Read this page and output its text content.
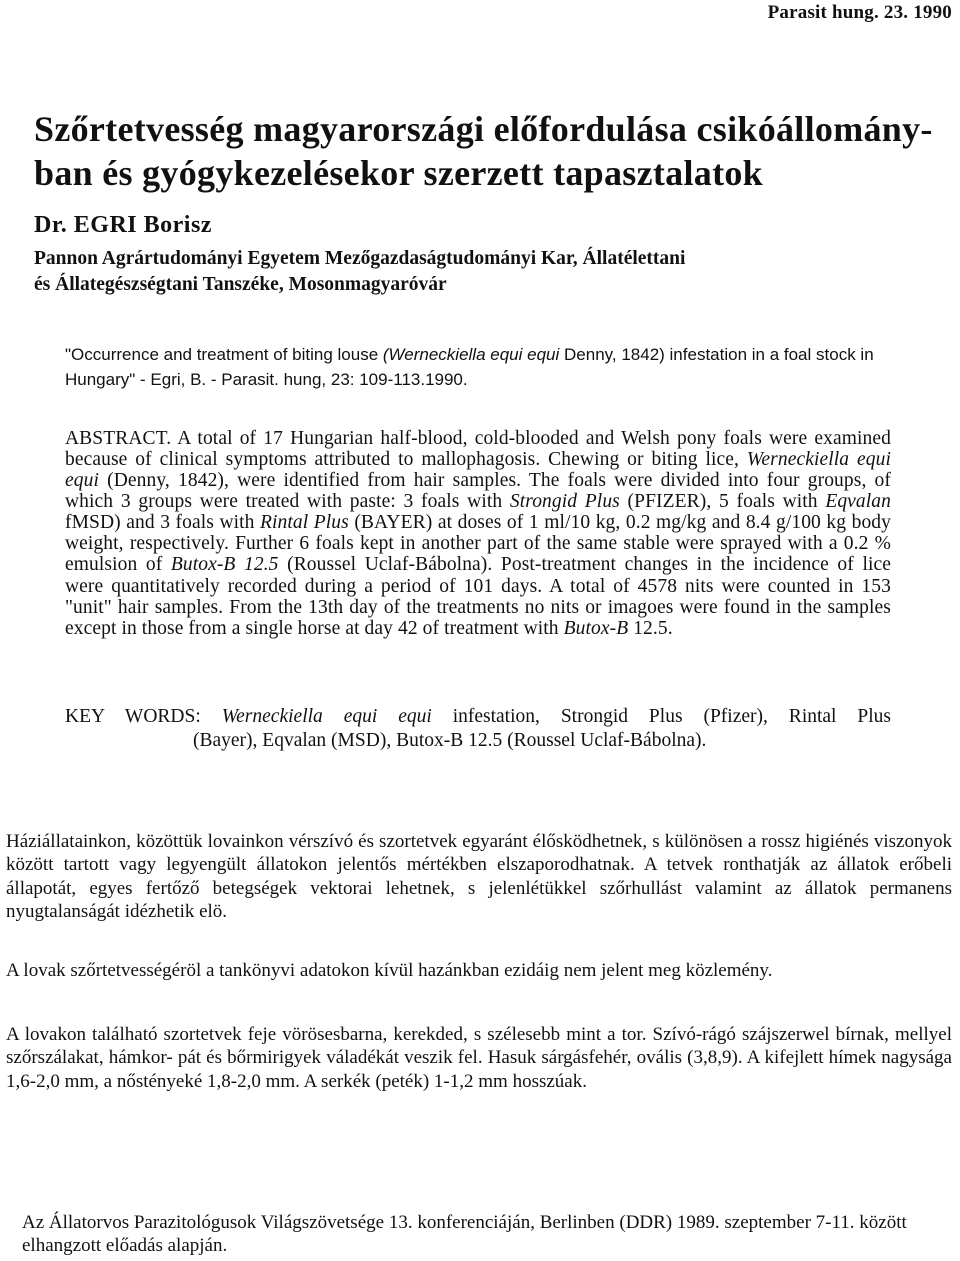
Parasit hung. 23. 1990
Szőrtetvesség magyarországi előfordulása csikóállomány-
ban és gyógykezelésekor szerzett tapasztalatok
Dr. EGRI Borisz
Pannon Agrártudományi Egyetem Mezőgazdaságtudományi Kar, Állatélettani
és Állategészségtani Tanszéke, Mosonmagyaróvár
"Occurrence and treatment of biting louse (Werneckiella equi equi Denny, 1842) infestation in a foal stock in Hungary" - Egri, B. - Parasit. hung, 23: 109-113.1990.
ABSTRACT. A total of 17 Hungarian half-blood, cold-blooded and Welsh pony foals were examined because of clinical symptoms attributed to mallophagosis. Chewing or biting lice, Werneckiella equi equi (Denny, 1842), were identified from hair samples. The foals were divided into four groups, of which 3 groups were treated with paste: 3 foals with Strongid Plus (PFIZER), 5 foals with Eqvalan fMSD) and 3 foals with Rintal Plus (BAYER) at doses of 1 ml/10 kg, 0.2 mg/kg and 8.4 g/100 kg body weight, respectively. Further 6 foals kept in another part of the same stable were sprayed with a 0.2 % emulsion of Butox-B 12.5 (Roussel Uclaf-Bábolna). Post-treatment changes in the incidence of lice were quantitatively recorded during a period of 101 days. A total of 4578 nits were counted in 153 "unit" hair samples. From the 13th day of the treatments no nits or imagoes were found in the samples except in those from a single horse at day 42 of treatment with Butox-B 12.5.
KEY WORDS: Werneckiella equi equi infestation, Strongid Plus (Pfizer), Rintal Plus
(Bayer), Eqvalan (MSD), Butox-B 12.5 (Roussel Uclaf-Bábolna).
Háziállatainkon, közöttük lovainkon vérszívó és szortetvek egyaránt élősködhetnek, s különösen a rossz higiénés viszonyok között tartott vagy legyengült állatokon jelentős mértékben elszaporodhatnak. A tetvek ronthatják az állatok erőbeli állapotát, egyes fertőző betegségek vektorai lehetnek, s jelenlétükkel szőrhullást valamint az állatok permanens nyugtalanságát idézhetik elö.
A lovak szőrtetvességéröl a tankönyvi adatokon kívül hazánkban ezidáig nem jelent meg közlemény.
A lovakon található szortetvek feje vörösesbarna, kerekded, s szélesebb mint a tor. Szívó-rágó szájszerwel bírnak, mellyel szőrszálakat, hámkor- pát és bőrmirigyek váladékát veszik fel. Hasuk sárgásfehér, ovális (3,8,9). A kifejlett hímek nagysága 1,6-2,0 mm, a nőstényeké 1,8-2,0 mm. A serkék (peték) 1-1,2 mm hosszúak.
Az Állatorvos Parazitológusok Világszövetsége 13. konferenciáján, Berlinben (DDR) 1989. szeptember 7-11. között elhangzott előadás alapján.
